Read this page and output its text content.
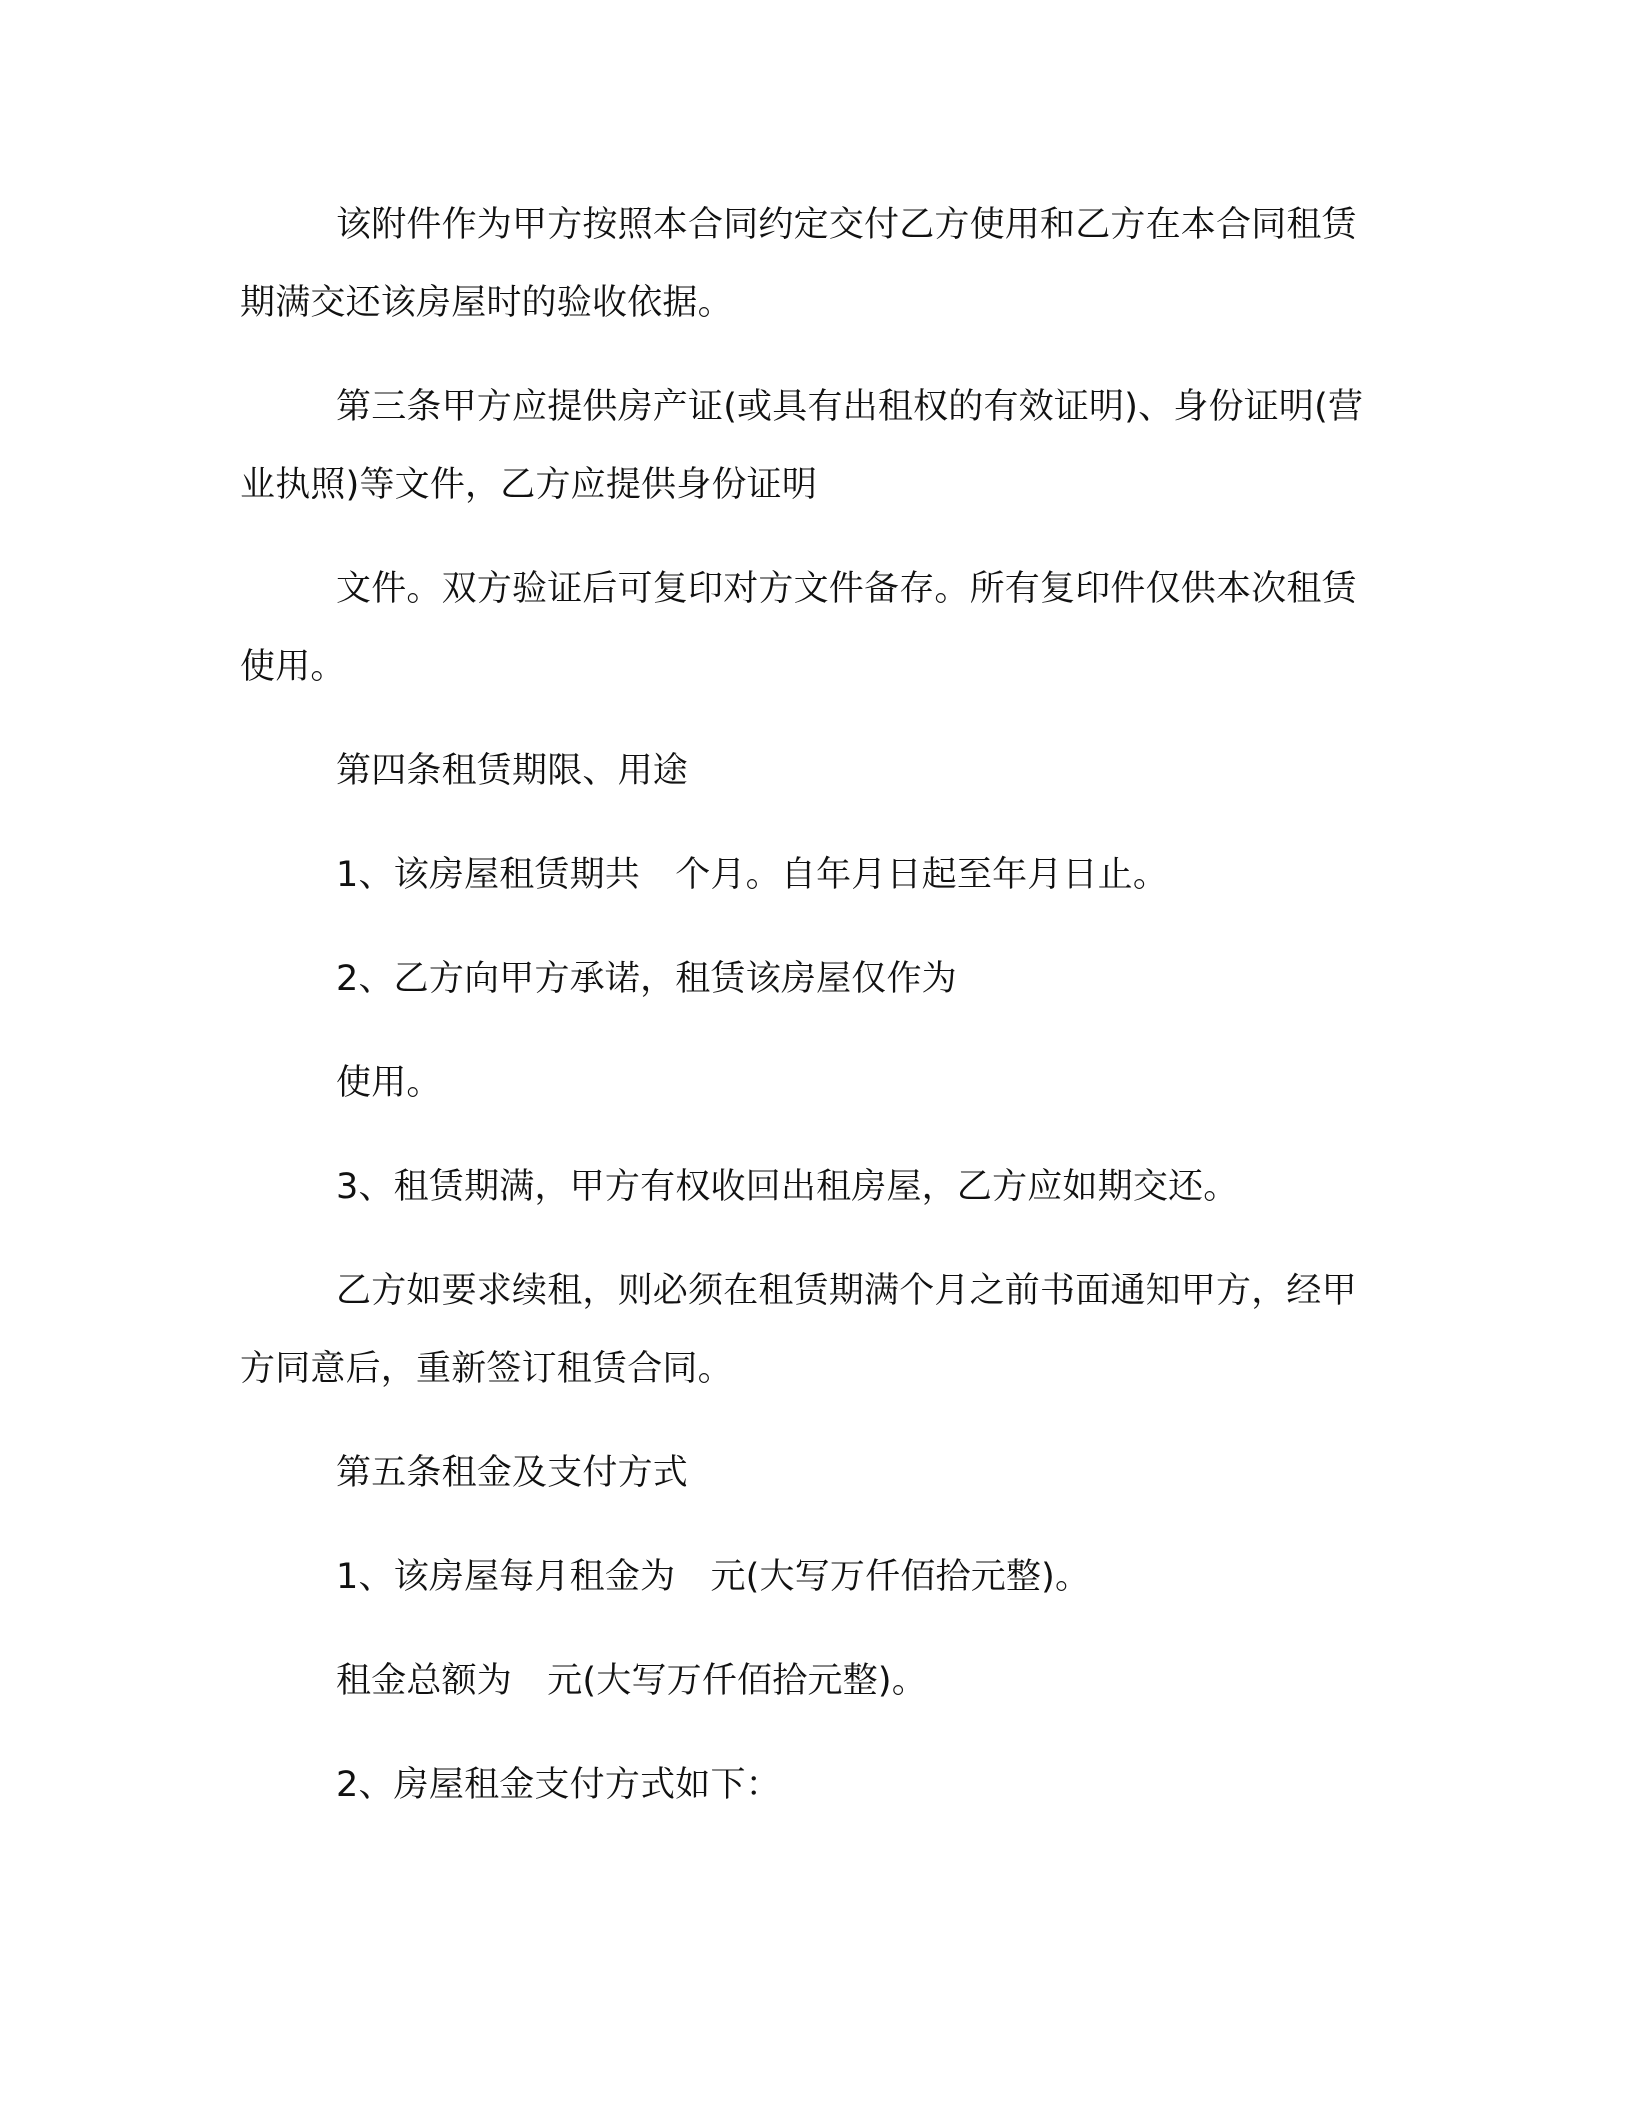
该附件作为甲方按照本合同约定交付乙方使用和乙方在本合同租赁期满交还该房屋时的验收依据。

第三条甲方应提供房产证(或具有出租权的有效证明)、身份证明(营业执照)等文件，乙方应提供身份证明

文件。双方验证后可复印对方文件备存。所有复印件仅供本次租赁使用。

第四条租赁期限、用途

1、该房屋租赁期共　个月。自年月日起至年月日止。

2、乙方向甲方承诺，租赁该房屋仅作为

使用。

3、租赁期满，甲方有权收回出租房屋，乙方应如期交还。

乙方如要求续租，则必须在租赁期满个月之前书面通知甲方，经甲方同意后，重新签订租赁合同。

第五条租金及支付方式

1、该房屋每月租金为　元(大写万仟佰拾元整)。

租金总额为　元(大写万仟佰拾元整)。

2、房屋租金支付方式如下：
